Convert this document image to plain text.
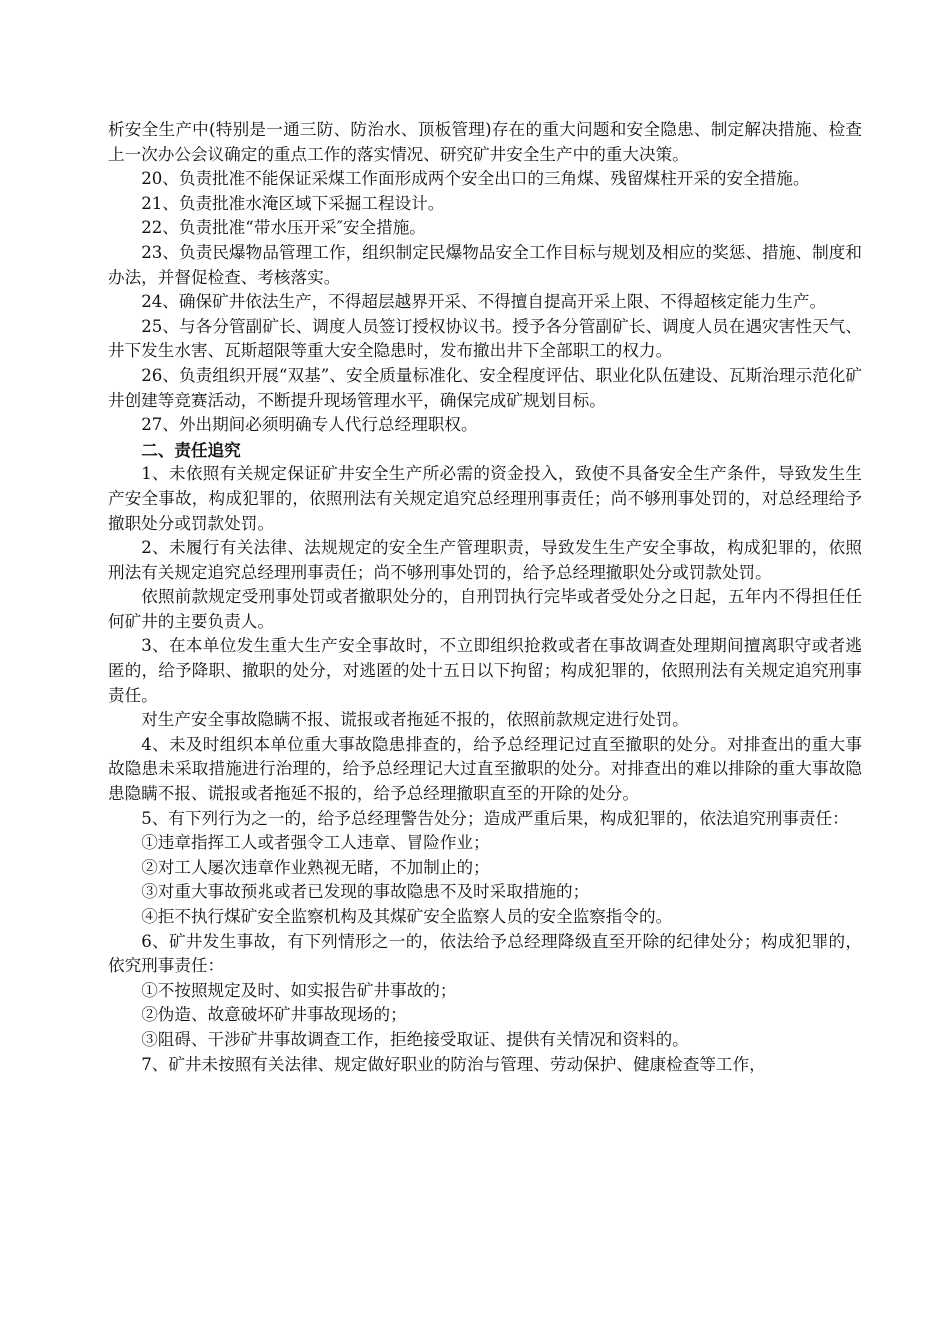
析安全生产中(特别是一通三防、防治水、顶板管理)存在的重大问题和安全隐患、制定解决措施、检查上一次办公会议确定的重点工作的落实情况、研究矿井安全生产中的重大决策。

20、负责批准不能保证采煤工作面形成两个安全出口的三角煤、残留煤柱开采的安全措施。

21、负责批准水淹区域下采掘工程设计。

22、负责批准“带水压开采″安全措施。

23、负责民爆物品管理工作，组织制定民爆物品安全工作目标与规划及相应的奖惩、措施、制度和办法，并督促检查、考核落实。

24、确保矿井依法生产，不得超层越界开采、不得擅自提高开采上限、不得超核定能力生产。

25、与各分管副矿长、调度人员签订授权协议书。授予各分管副矿长、调度人员在遇灾害性天气、井下发生水害、瓦斯超限等重大安全隐患时，发布撤出井下全部职工的权力。

26、负责组织开展“双基”、安全质量标准化、安全程度评估、职业化队伍建设、瓦斯治理示范化矿井创建等竞赛活动，不断提升现场管理水平，确保完成矿规划目标。

27、外出期间必须明确专人代行总经理职权。

二、责任追究

1、未依照有关规定保证矿井安全生产所必需的资金投入，致使不具备安全生产条件，导致发生生产安全事故，构成犯罪的，依照刑法有关规定追究总经理刑事责任；尚不够刑事处罚的，对总经理给予撤职处分或罚款处罚。

2、未履行有关法律、法规规定的安全生产管理职责，导致发生生产安全事故，构成犯罪的，依照刑法有关规定追究总经理刑事责任；尚不够刑事处罚的，给予总经理撤职处分或罚款处罚。

依照前款规定受刑事处罚或者撤职处分的，自刑罚执行完毕或者受处分之日起，五年内不得担任任何矿井的主要负责人。

3、在本单位发生重大生产安全事故时，不立即组织抢救或者在事故调查处理期间擅离职守或者逃匿的，给予降职、撤职的处分，对逃匿的处十五日以下拘留；构成犯罪的，依照刑法有关规定追究刑事责任。

对生产安全事故隐瞒不报、谎报或者拖延不报的，依照前款规定进行处罚。

4、未及时组织本单位重大事故隐患排查的，给予总经理记过直至撤职的处分。对排查出的重大事故隐患未采取措施进行治理的，给予总经理记大过直至撤职的处分。对排查出的难以排除的重大事故隐患隐瞒不报、谎报或者拖延不报的，给予总经理撤职直至的开除的处分。

5、有下列行为之一的，给予总经理警告处分；造成严重后果，构成犯罪的，依法追究刑事责任：

①违章指挥工人或者强令工人违章、冒险作业；

②对工人屡次违章作业熟视无睹，不加制止的；

③对重大事故预兆或者已发现的事故隐患不及时采取措施的；

④拒不执行煤矿安全监察机构及其煤矿安全监察人员的安全监察指令的。

6、矿井发生事故，有下列情形之一的，依法给予总经理降级直至开除的纪律处分；构成犯罪的，依究刑事责任：

①不按照规定及时、如实报告矿井事故的；

②伪造、故意破坏矿井事故现场的；

③阻碍、干涉矿井事故调查工作，拒绝接受取证、提供有关情况和资料的。

7、矿井未按照有关法律、规定做好职业的防治与管理、劳动保护、健康检查等工作，
